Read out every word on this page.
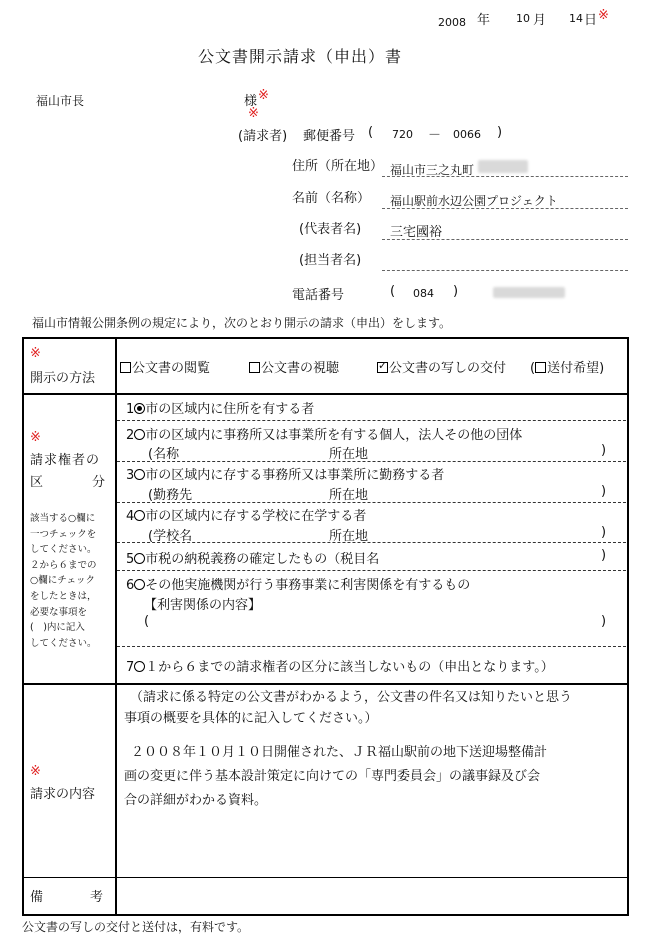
2008 年 10 月 14 日 ※
公文書開示請求（申出）書
福山市長	様 ※
※
(請求者) 郵便番号 ( 720 － 0066 )
住所（所在地） 福山市三之丸町
名前（名称） 福山駅前水辺公園プロジェクト
(代表者名) 三宅國裕
(担当者名)
電話番号	( 084 )
福山市情報公開条例の規定により，次のとおり開示の請求（申出）をします。
※
開示の方法
公文書の閲覧	公文書の視聴
✓	公文書の写しの交付 ( 送付希望)
※
請求権者の
区	分
該当する○欄に
一つチェックを
してください。
２から６までの
○欄にチェック
をしたときは，
必要な事項を
(　)内に記入
してください。
1 市の区域内に住所を有する者
2 市の区域内に事務所又は事業所を有する個人，法人その他の団体
(名称	所在地	)
3 市の区域内に存する事務所又は事業所に勤務する者
(勤務先	所在地	)
4 市の区域内に存する学校に在学する者
(学校名	所在地	)
5 市税の納税義務の確定したもの（税目名	)
6 その他実施機関が行う事務事業に利害関係を有するもの
【利害関係の内容】
(	)
7 １から６までの請求権者の区分に該当しないもの（申出となります。）
※
請求の内容
（請求に係る特定の公文書がわかるよう，公文書の件名又は知りたいと思う
事項の概要を具体的に記入してください。）
２００８年１０月１０日開催された、ＪＲ福山駅前の地下送迎場整備計
画の変更に伴う基本設計策定に向けての「専門委員会」の議事録及び会
合の詳細がわかる資料。
備	考
公文書の写しの交付と送付は，有料です。
